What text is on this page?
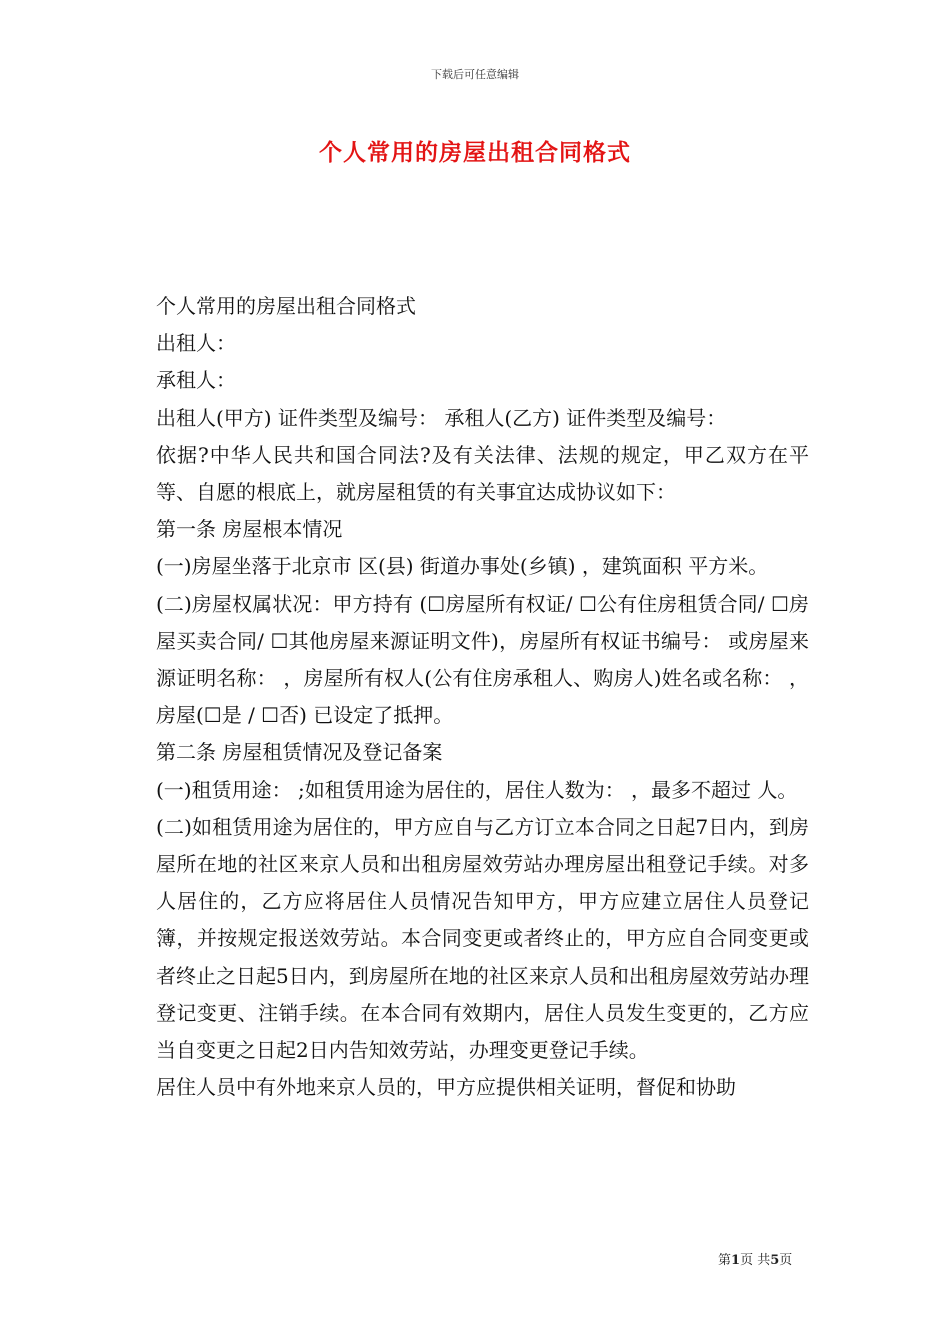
下载后可任意编辑
个人常用的房屋出租合同格式

个人常用的房屋出租合同格式

出租人：

承租人：

出租人(甲方) 证件类型及编号： 承租人(乙方) 证件类型及编号：

依据?中华人民共和国合同法?及有关法律、法规的规定，甲乙双方在平等、自愿的根底上，就房屋租赁的有关事宜达成协议如下：

第一条 房屋根本情况

(一)房屋坐落于北京市 区(县) 街道办事处(乡镇) ，建筑面积 平方米。

(二)房屋权属状况：甲方持有 (☐房屋所有权证/ ☐公有住房租赁合同/ ☐房屋买卖合同/ ☐其他房屋来源证明文件)，房屋所有权证书编号： 或房屋来源证明名称： ，房屋所有权人(公有住房承租人、购房人)姓名或名称： ，房屋(☐是 / ☐否) 已设定了抵押。

第二条 房屋租赁情况及登记备案

(一)租赁用途： ;如租赁用途为居住的，居住人数为： ，最多不超过 人。

(二)如租赁用途为居住的，甲方应自与乙方订立本合同之日起7日内，到房屋所在地的社区来京人员和出租房屋效劳站办理房屋出租登记手续。对多人居住的，乙方应将居住人员情况告知甲方，甲方应建立居住人员登记簿，并按规定报送效劳站。本合同变更或者终止的，甲方应自合同变更或者终止之日起5日内，到房屋所在地的社区来京人员和出租房屋效劳站办理登记变更、注销手续。在本合同有效期内，居住人员发生变更的，乙方应当自变更之日起2日内告知效劳站，办理变更登记手续。

居住人员中有外地来京人员的，甲方应提供相关证明，督促和协助

第1页 共5页
